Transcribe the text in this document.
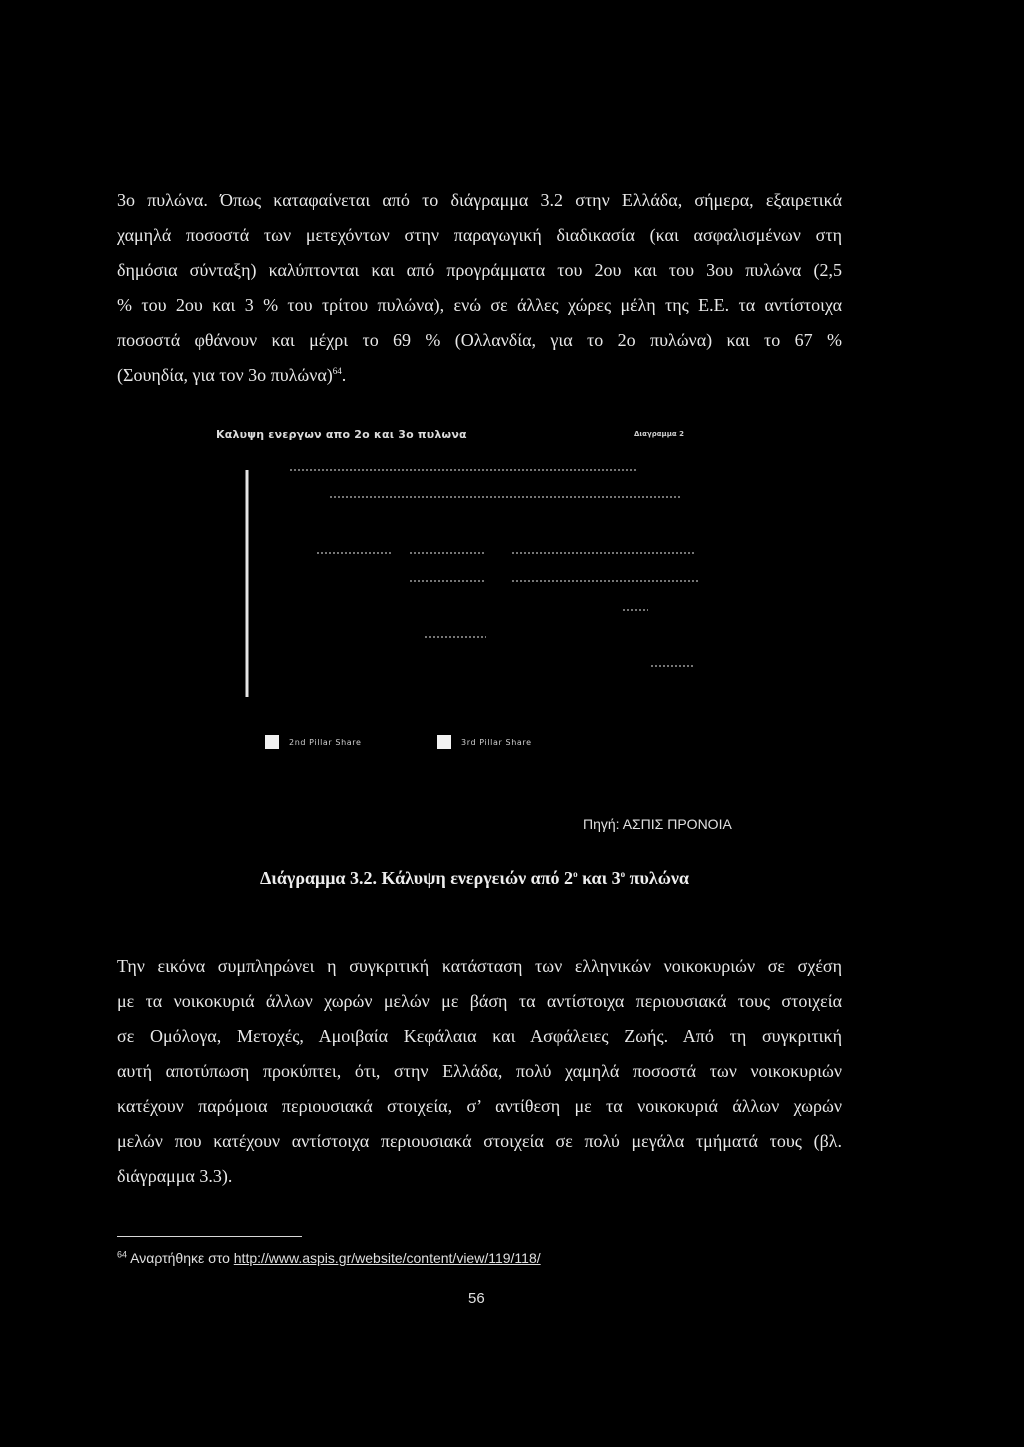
3ο πυλώνα. Όπως καταφαίνεται από το διάγραμμα 3.2 στην Ελλάδα, σήμερα, εξαιρετικά
χαμηλά ποσοστά των μετεχόντων στην παραγωγική διαδικασία (και ασφαλισμένων στη
δημόσια σύνταξη) καλύπτονται και από προγράμματα του 2ου και του 3ου πυλώνα (2,5
% του 2ου και 3 % του τρίτου πυλώνα), ενώ σε άλλες χώρες μέλη της Ε.Ε. τα αντίστοιχα
ποσοστά φθάνουν και μέχρι το 69 % (Ολλανδία, για το 2ο πυλώνα) και το 67 %
(Σουηδία, για τον 3ο πυλώνα)$^{64}$.
Καλυψη ενεργων απο 2ο και 3ο πυλωνα	Διαγραμμα 2
2nd Pillar Share	3rd Pillar Share
Πηγή: ΑΣΠΙΣ ΠΡΟΝΟΙΑ
Διάγραμμα 3.2. Κάλυψη ενεργειών από $2^o$ και $3^o$ πυλώνα
Την εικόνα συμπληρώνει η συγκριτική κατάσταση των ελληνικών νοικοκυριών σε σχέση
με τα νοικοκυριά άλλων χωρών μελών με βάση τα αντίστοιχα περιουσιακά τους στοιχεία
σε Ομόλογα, Μετοχές, Αμοιβαία Κεφάλαια και Ασφάλειες Ζωής. Από τη συγκριτική
αυτή αποτύπωση προκύπτει, ότι, στην Ελλάδα, πολύ χαμηλά ποσοστά των νοικοκυριών
κατέχουν παρόμοια περιουσιακά στοιχεία, σ’ αντίθεση με τα νοικοκυριά άλλων χωρών
μελών που κατέχουν αντίστοιχα περιουσιακά στοιχεία σε πολύ μεγάλα τμήματά τους (βλ.
διάγραμμα 3.3).
$^{64}$ Αναρτήθηκε στο http://www.aspis.gr/website/content/view/119/118/
56
